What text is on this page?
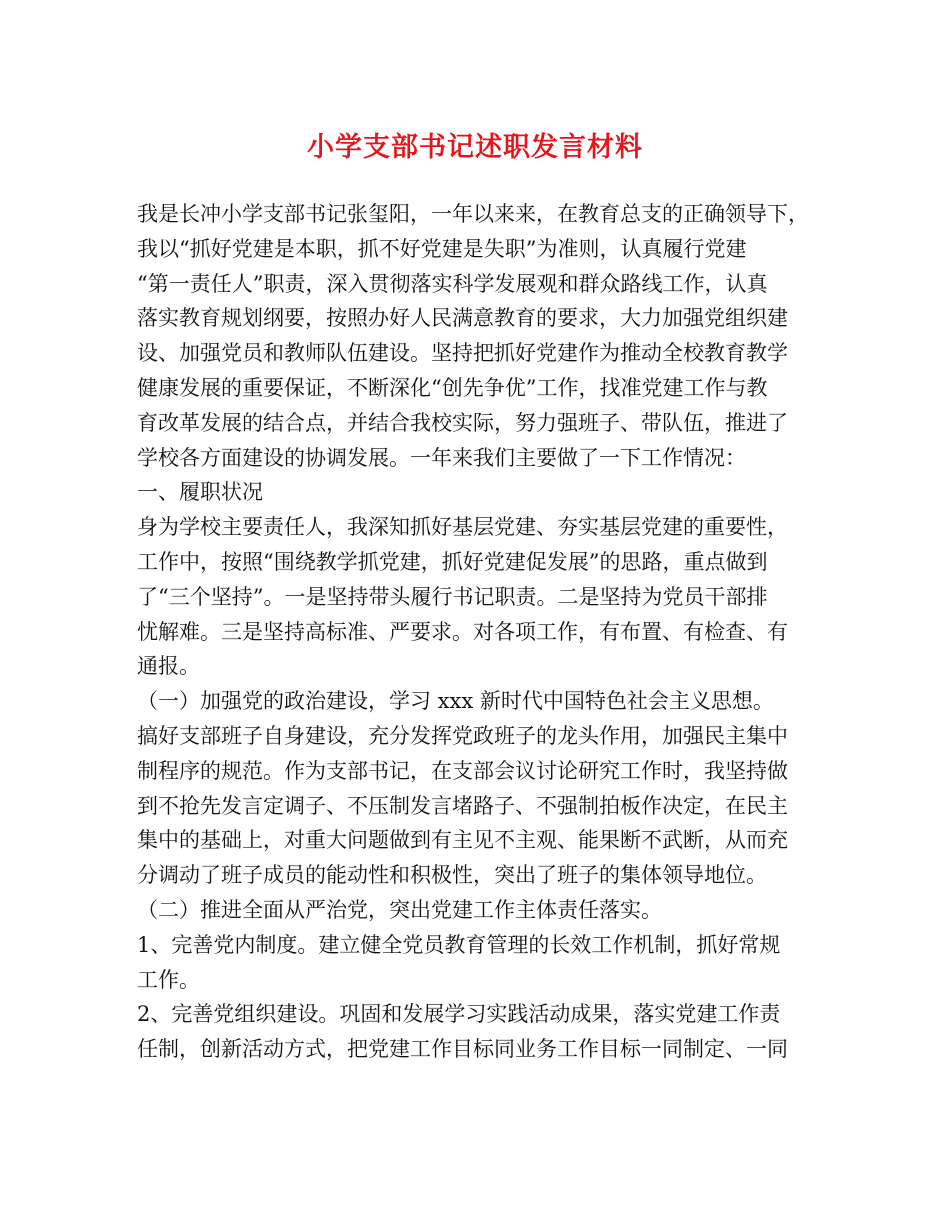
小学支部书记述职发言材料
我是长冲小学支部书记张玺阳，一年以来来，在教育总支的正确领导下，
我以“抓好党建是本职，抓不好党建是失职”为准则，认真履行党建
“第一责任人”职责，深入贯彻落实科学发展观和群众路线工作，认真
落实教育规划纲要，按照办好人民满意教育的要求，大力加强党组织建
设、加强党员和教师队伍建设。坚持把抓好党建作为推动全校教育教学
健康发展的重要保证，不断深化“创先争优”工作，找准党建工作与教
育改革发展的结合点，并结合我校实际，努力强班子、带队伍，推进了
学校各方面建设的协调发展。一年来我们主要做了一下工作情况：
一、履职状况
身为学校主要责任人，我深知抓好基层党建、夯实基层党建的重要性，
工作中，按照“围绕教学抓党建，抓好党建促发展”的思路，重点做到
了“三个坚持”。一是坚持带头履行书记职责。二是坚持为党员干部排
忧解难。三是坚持高标准、严要求。对各项工作，有布置、有检查、有
通报。
（一）加强党的政治建设，学习 xxx 新时代中国特色社会主义思想。
搞好支部班子自身建设，充分发挥党政班子的龙头作用，加强民主集中
制程序的规范。作为支部书记，在支部会议讨论研究工作时，我坚持做
到不抢先发言定调子、不压制发言堵路子、不强制拍板作决定，在民主
集中的基础上，对重大问题做到有主见不主观、能果断不武断，从而充
分调动了班子成员的能动性和积极性，突出了班子的集体领导地位。
（二）推进全面从严治党，突出党建工作主体责任落实。
1、完善党内制度。建立健全党员教育管理的长效工作机制，抓好常规
工作。
2、完善党组织建设。巩固和发展学习实践活动成果，落实党建工作责
任制，创新活动方式，把党建工作目标同业务工作目标一同制定、一同
